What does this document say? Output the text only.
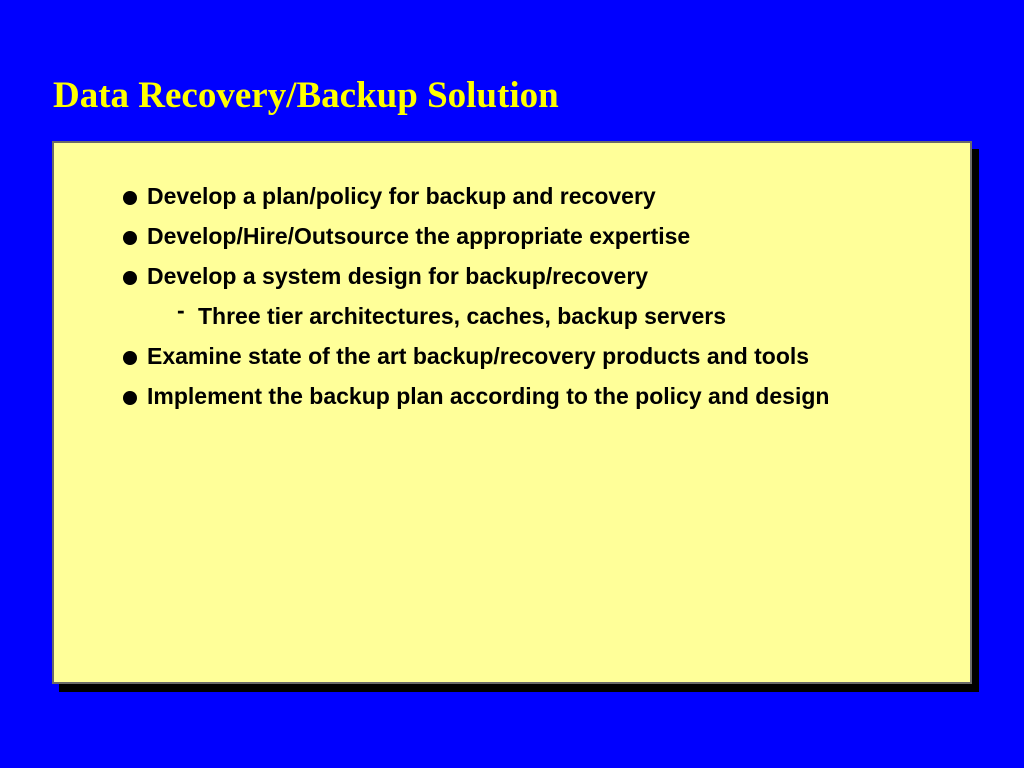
Data Recovery/Backup Solution
Develop a plan/policy for backup and recovery
Develop/Hire/Outsource the appropriate expertise
Develop a system design for backup/recovery
- Three tier architectures, caches, backup servers
Examine state of the art backup/recovery products and tools
Implement the backup plan according to the policy and design
